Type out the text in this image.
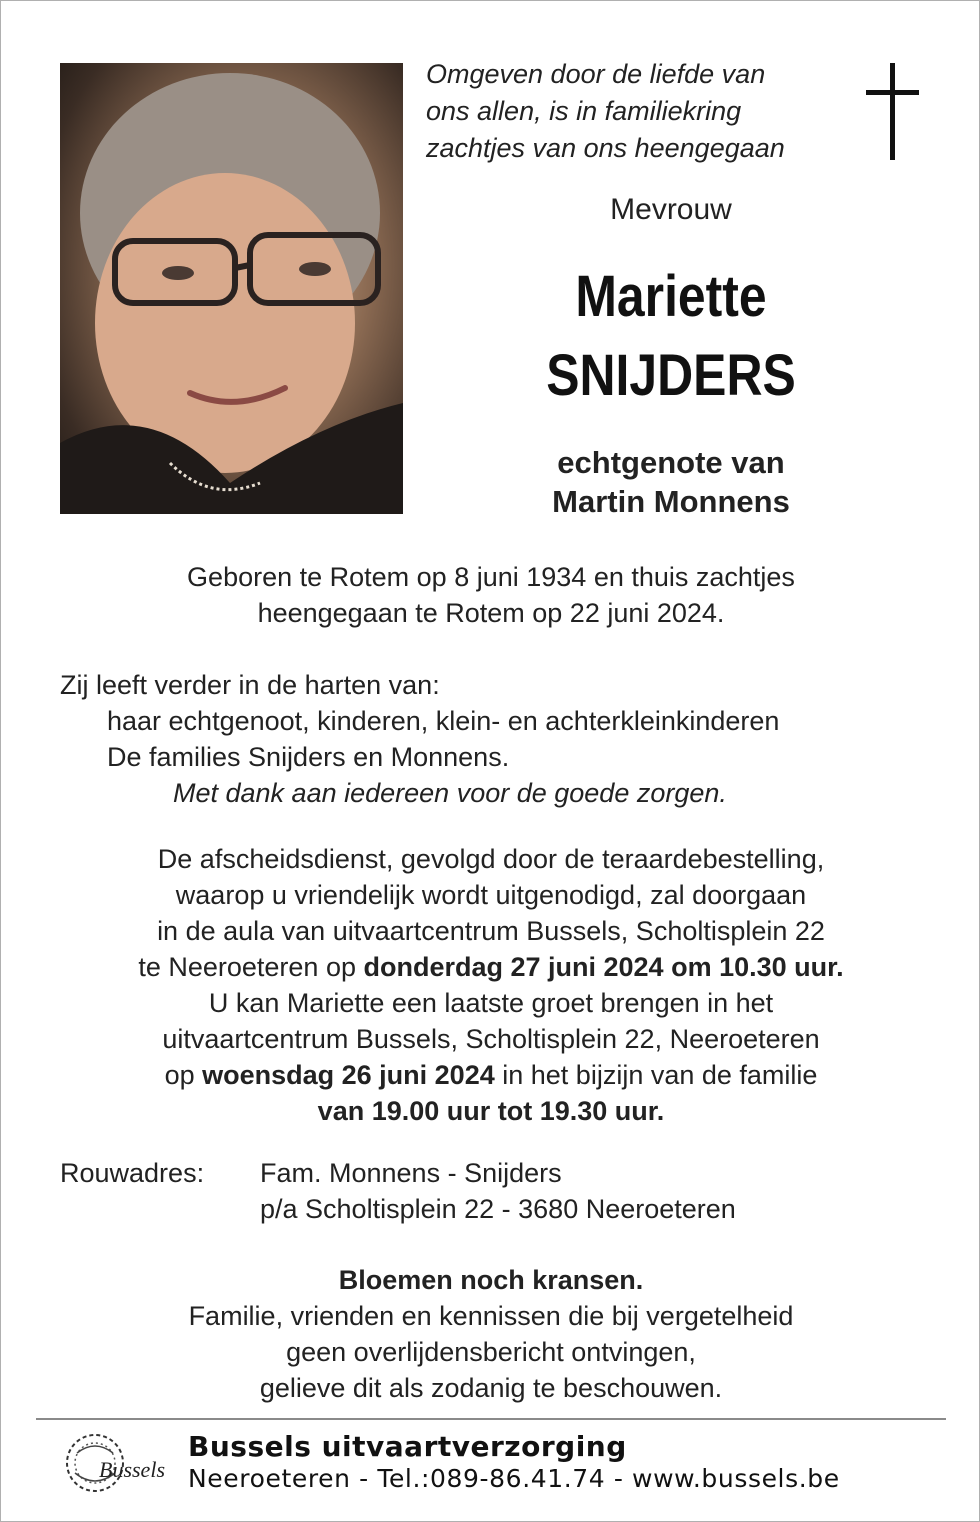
Omgeven door de liefde van
ons allen, is in familiekring
zachtjes van ons heengegaan
Mevrouw
Mariette
SNIJDERS
echtgenote van
Martin Monnens
Geboren te Rotem op 8 juni 1934 en thuis zachtjes
heengegaan te Rotem op 22 juni 2024.
Zij leeft verder in de harten van:
haar echtgenoot, kinderen, klein- en achterkleinkinderen
De families Snijders en Monnens.
Met dank aan iedereen voor de goede zorgen.
De afscheidsdienst, gevolgd door de teraardebestelling,
waarop u vriendelijk wordt uitgenodigd, zal doorgaan
in de aula van uitvaartcentrum Bussels, Scholtisplein 22
te Neeroeteren op donderdag 27 juni 2024 om 10.30 uur.
U kan Mariette een laatste groet brengen in het
uitvaartcentrum Bussels, Scholtisplein 22, Neeroeteren
op woensdag 26 juni 2024 in het bijzijn van de familie
van 19.00 uur tot 19.30 uur.
Rouwadres:	Fam. Monnens - Snijders
p/a Scholtisplein 22 - 3680 Neeroeteren
Bloemen noch kransen.
Familie, vrienden en kennissen die bij vergetelheid
geen overlijdensbericht ontvingen,
gelieve dit als zodanig te beschouwen.
Bussels
Bussels uitvaartverzorging
Neeroeteren - Tel.:089-86.41.74 - www.bussels.be
